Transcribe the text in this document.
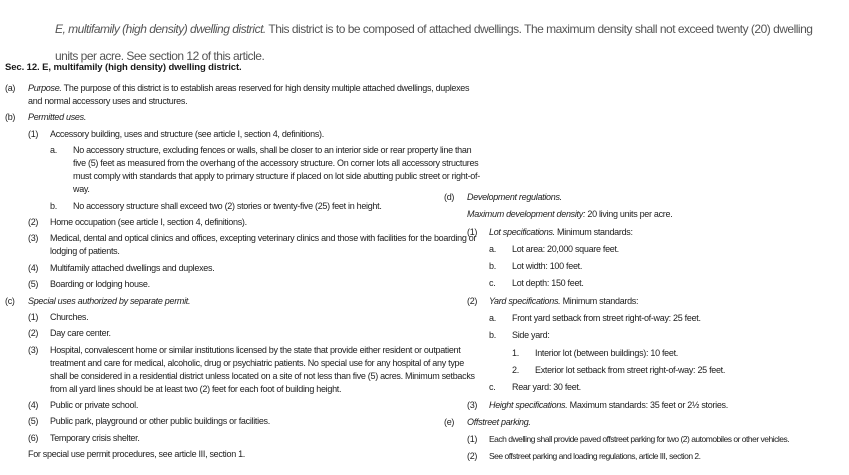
E, multifamily (high density) dwelling district. This district is to be composed of attached dwellings. The maximum density shall not exceed twenty (20) dwelling units per acre. See section 12 of this article.

Sec. 12. E, multifamily (high density) dwelling district.
(a)	Purpose. The purpose of this district is to establish areas reserved for high density multiple attached dwellings, duplexes and normal accessory uses and structures.
(b)	Permitted uses.
(1)	Accessory building, uses and structure (see article I, section 4, definitions).
a.	No accessory structure, excluding fences or walls, shall be closer to an interior side or rear property line than five (5) feet as measured from the overhang of the accessory structure. On corner lots all accessory structures must comply with standards that apply to primary structure if placed on lot side abutting public street or right-of-way.
b.	No accessory structure shall exceed two (2) stories or twenty-five (25) feet in height.
(2)	Home occupation (see article I, section 4, definitions).
(3)	Medical, dental and optical clinics and offices, excepting veterinary clinics and those with facilities for the boarding or lodging of patients.
(4)	Multifamily attached dwellings and duplexes.
(5)	Boarding or lodging house.
(c)	Special uses authorized by separate permit.
(1)	Churches.
(2)	Day care center.
(3)	Hospital, convalescent home or similar institutions licensed by the state that provide either resident or outpatient treatment and care for medical, alcoholic, drug or psychiatric patients. No special use for any hospital of any type shall be considered in a residential district unless located on a site of not less than five (5) acres. Minimum setbacks from all yard lines should be at least two (2) feet for each foot of building height.
(4)	Public or private school.
(5)	Public park, playground or other public buildings or facilities.
(6)	Temporary crisis shelter.
For special use permit procedures, see article III, section 1.
(d)	Development regulations.
Maximum development density: 20 living units per acre.
(1)	Lot specifications. Minimum standards:
a.	Lot area: 20,000 square feet.
b.	Lot width: 100 feet.
c.	Lot depth: 150 feet.
(2)	Yard specifications. Minimum standards:
a.	Front yard setback from street right-of-way: 25 feet.
b.	Side yard:
1.	Interior lot (between buildings): 10 feet.
2.	Exterior lot setback from street right-of-way: 25 feet.
c.	Rear yard: 30 feet.
(3)	Height specifications. Maximum standards: 35 feet or 2½ stories.
(e)	Offstreet parking.
(1)	Each dwelling shall provide paved offstreet parking for two (2) automobiles or other vehicles.
(2)	See offstreet parking and loading regulations, article III, section 2.
